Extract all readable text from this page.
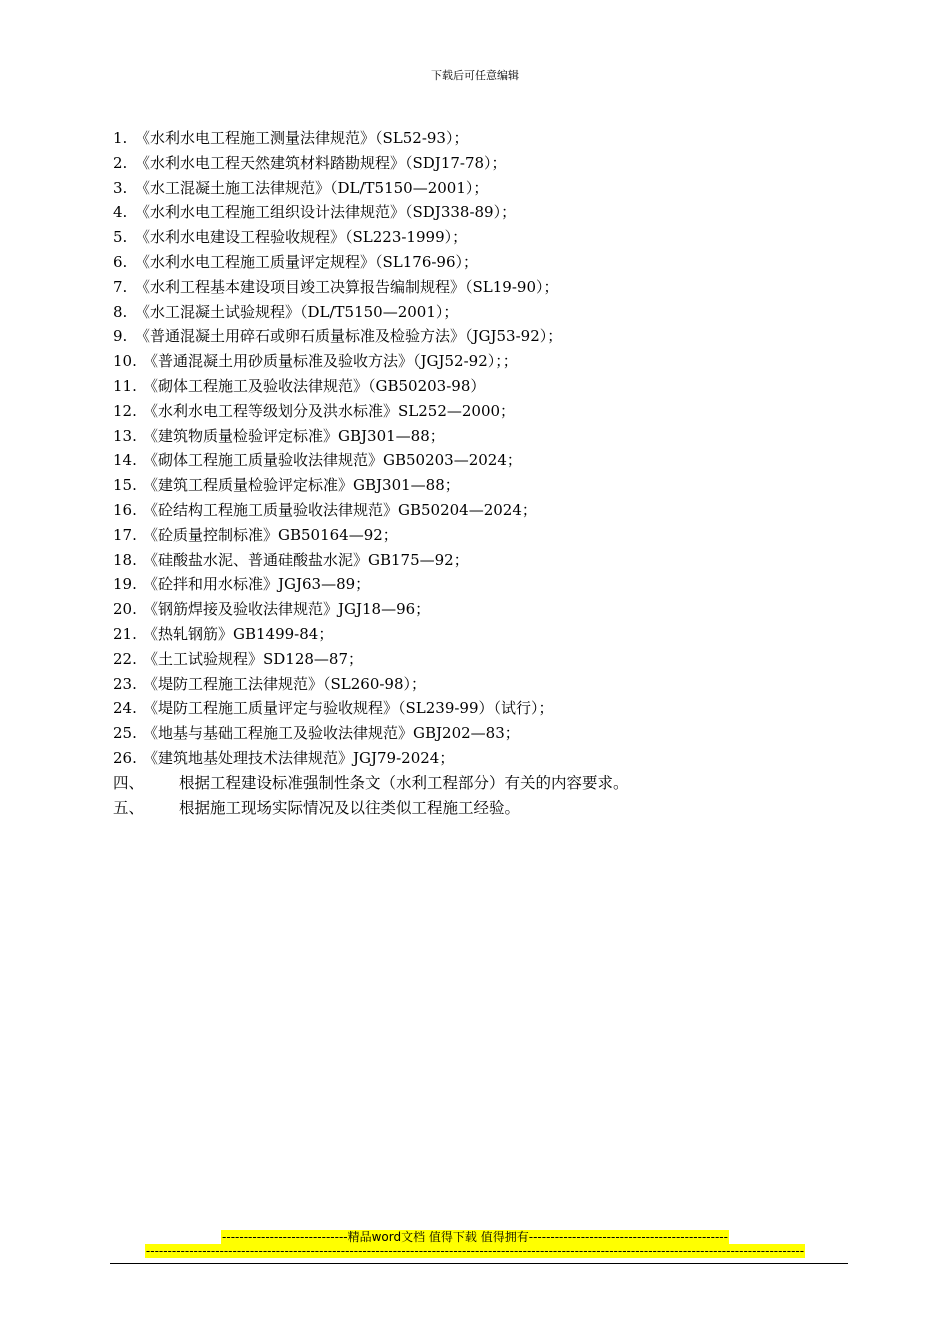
下载后可任意编辑
1. 《水利水电工程施工测量法律规范》（SL52-93）；
2. 《水利水电工程天然建筑材料踏勘规程》（SDJ17-78）；
3. 《水工混凝土施工法律规范》（DL/T5150—2001）；
4. 《水利水电工程施工组织设计法律规范》（SDJ338-89）；
5. 《水利水电建设工程验收规程》（SL223-1999）；
6. 《水利水电工程施工质量评定规程》（SL176-96）；
7. 《水利工程基本建设项目竣工决算报告编制规程》（SL19-90）；
8. 《水工混凝土试验规程》（DL/T5150—2001）；
9. 《普通混凝土用碎石或卵石质量标准及检验方法》（JGJ53-92）；
10. 《普通混凝土用砂质量标准及验收方法》（JGJ52-92）；；
11. 《砌体工程施工及验收法律规范》（GB50203-98）
12. 《水利水电工程等级划分及洪水标准》SL252—2000；
13. 《建筑物质量检验评定标准》GBJ301—88；
14. 《砌体工程施工质量验收法律规范》GB50203—2024；
15. 《建筑工程质量检验评定标准》GBJ301—88；
16. 《砼结构工程施工质量验收法律规范》GB50204—2024；
17. 《砼质量控制标准》GB50164—92；
18. 《硅酸盐水泥、普通硅酸盐水泥》GB175—92；
19. 《砼拌和用水标准》JGJ63—89；
20. 《钢筋焊接及验收法律规范》JGJ18—96；
21. 《热轧钢筋》GB1499-84；
22. 《土工试验规程》SD128—87；
23. 《堤防工程施工法律规范》（SL260-98）；
24. 《堤防工程施工质量评定与验收规程》（SL239-99）（试行）；
25. 《地基与基础工程施工及验收法律规范》GBJ202—83；
26. 《建筑地基处理技术法律规范》JGJ79-2024；
四、 根据工程建设标准强制性条文（水利工程部分）有关的内容要求。
五、 根据施工现场实际情况及以往类似工程施工经验。
-----------------------------精品word文档 值得下载 值得拥有----------------------------------------------
--------------------------------------------------------------------------------------------------------------------------------------------------------
